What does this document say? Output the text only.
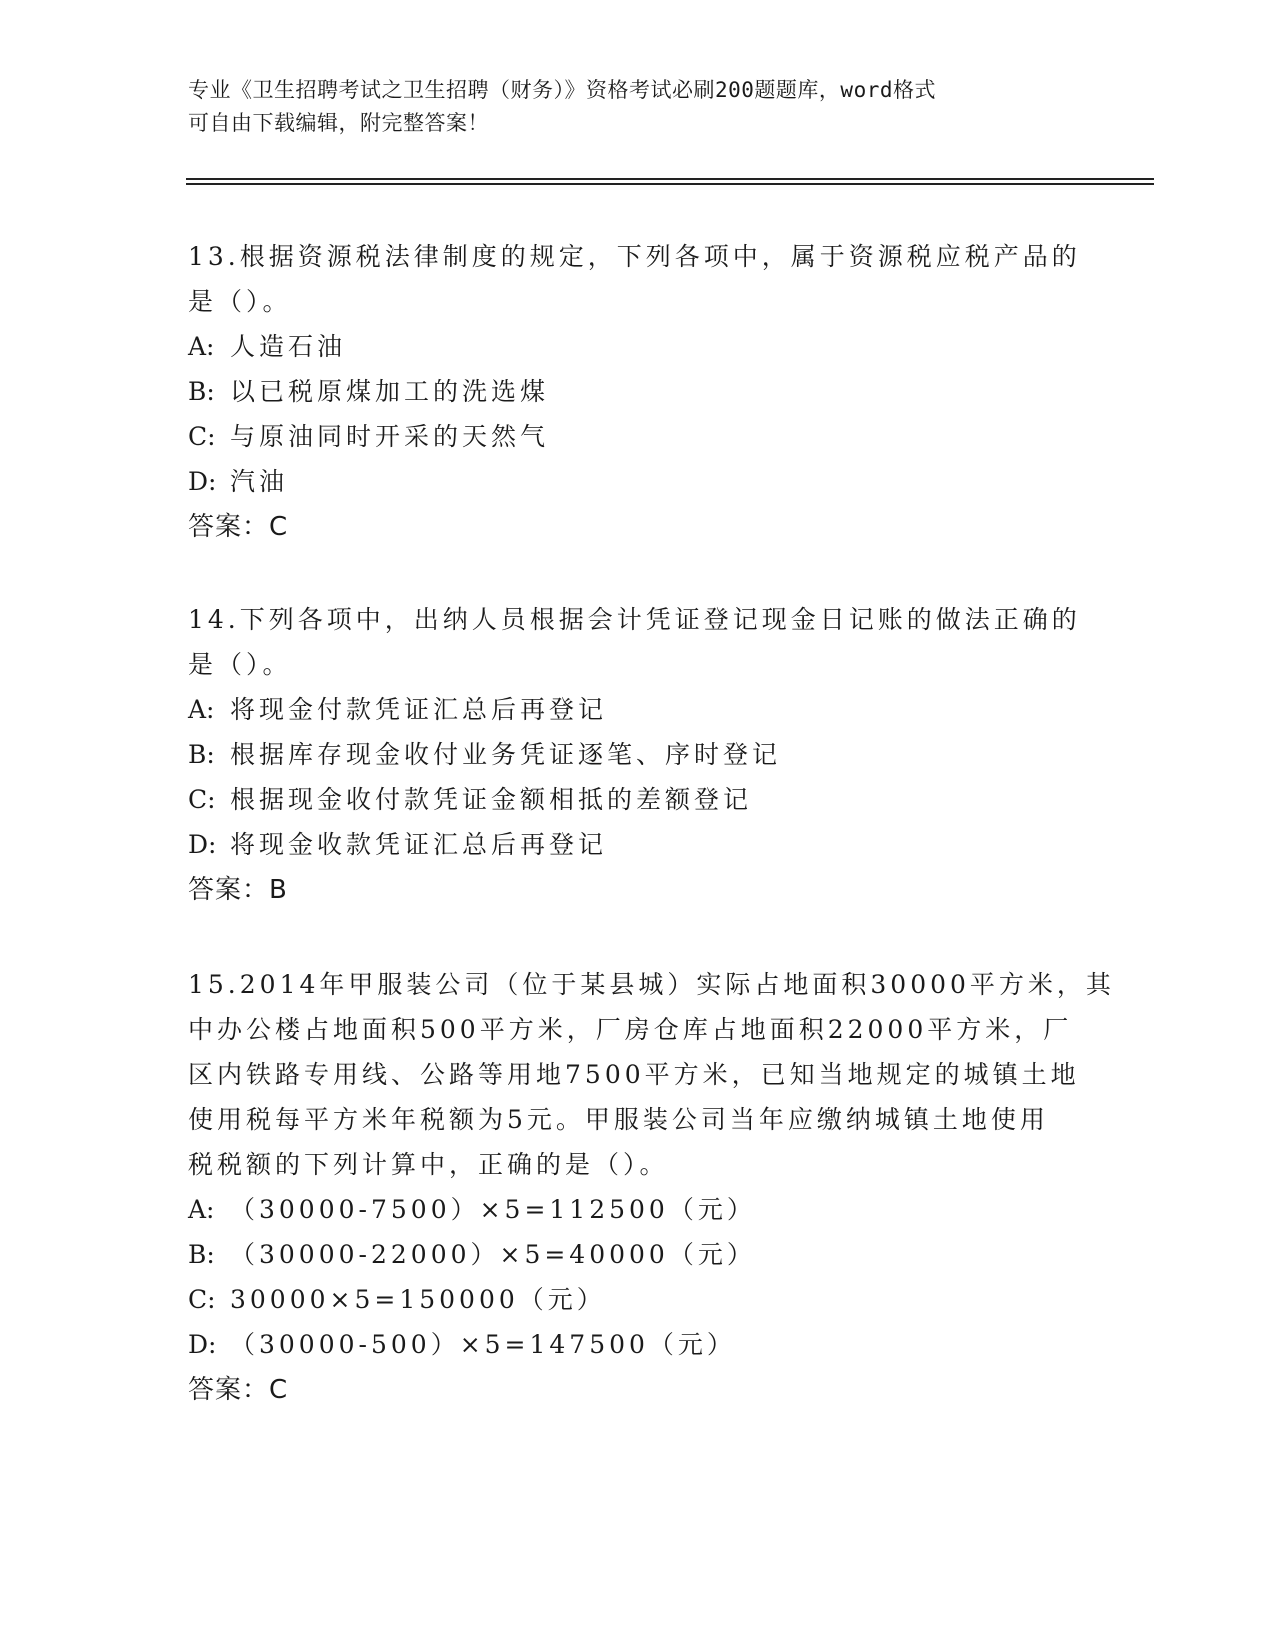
专业《卫生招聘考试之卫生招聘（财务）》资格考试必刷200题题库，word格式
可自由下载编辑，附完整答案！
13.根据资源税法律制度的规定，下列各项中，属于资源税应税产品的
是（）。
A: 人造石油
B: 以已税原煤加工的洗选煤
C: 与原油同时开采的天然气
D: 汽油
答案：C
14.下列各项中，出纳人员根据会计凭证登记现金日记账的做法正确的
是（）。
A: 将现金付款凭证汇总后再登记
B: 根据库存现金收付业务凭证逐笔、序时登记
C: 根据现金收付款凭证金额相抵的差额登记
D: 将现金收款凭证汇总后再登记
答案：B
15.2014年甲服装公司（位于某县城）实际占地面积30000平方米，其
中办公楼占地面积500平方米，厂房仓库占地面积22000平方米，厂
区内铁路专用线、公路等用地7500平方米，已知当地规定的城镇土地
使用税每平方米年税额为5元。甲服装公司当年应缴纳城镇土地使用
税税额的下列计算中，正确的是（）。
A: （30000-7500）×5=112500（元）
B: （30000-22000）×5=40000（元）
C: 30000×5=150000（元）
D: （30000-500）×5=147500（元）
答案：C
